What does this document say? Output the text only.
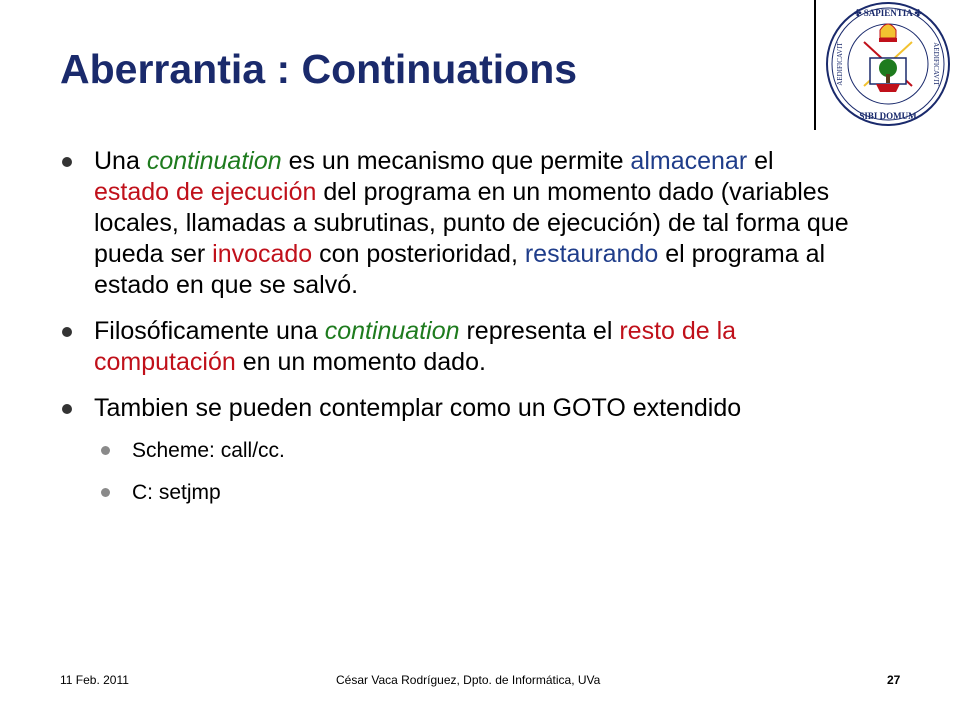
Aberrantia : Continuations
✤ SAPIENTIA ✤
SIBI DOMUM
AEDIFICAVIT	AEDIFICAVIT
Una continuation es un mecanismo que permite almacenar el estado de ejecución del programa en un momento dado (variables locales, llamadas a subrutinas, punto de ejecución) de tal forma que pueda ser invocado con posterioridad, restaurando el programa al estado en que se salvó.
Filosóficamente una continuation representa el resto de la computación en un momento dado.
Tambien se pueden contemplar como un GOTO extendido
Scheme: call/cc.
C: setjmp
11 Feb. 2011	César Vaca Rodríguez, Dpto. de Informática, UVa	27
